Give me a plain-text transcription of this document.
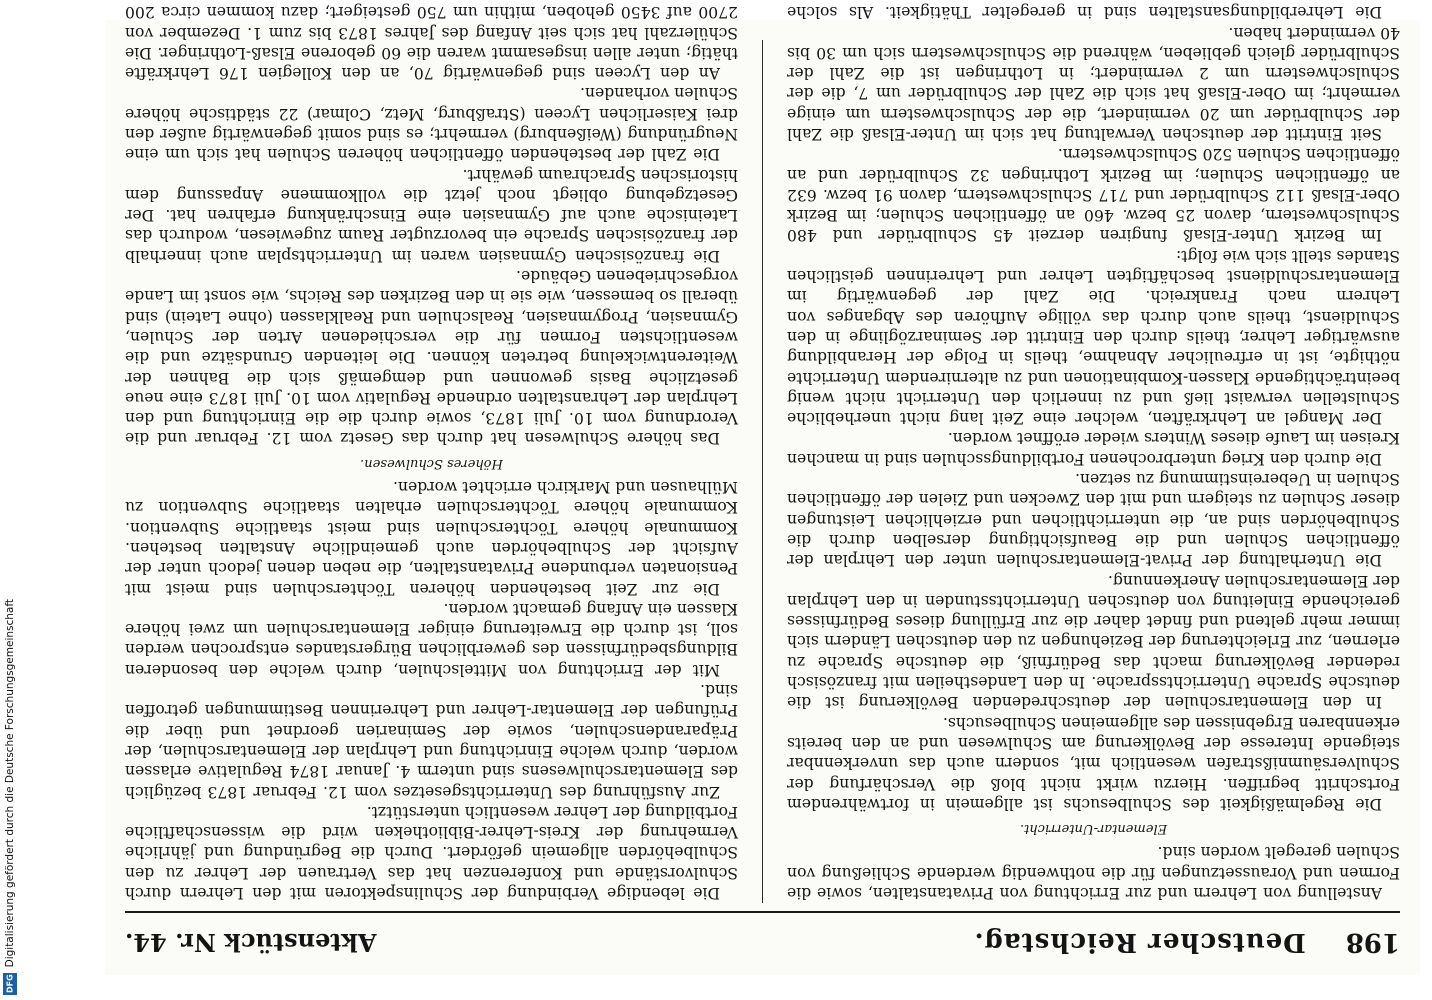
Digitalisierung gefördert durch die Deutsche Forschungsgemeinschaft
DFG
198
Deutscher Reichstag.
Aktenstück Nr. 44.

Anstellung von Lehrern und zur Errichtung von Privatanstalten, sowie die Formen und Voraussetzungen für die nothwendig werdende Schließung von Schulen geregelt worden sind.

Elementar-Unterricht.

Die Regelmäßigkeit des Schulbesuchs ist allgemein in fortwährendem Fortschritt begriffen. Hierzu wirkt nicht bloß die Verschärfung der Schulversäumnißstrafen wesentlich mit, sondern auch das unverkennbar steigende Interesse der Bevölkerung am Schulwesen und an den bereits erkennbaren Ergebnissen des allgemeinen Schulbesuchs.

In den Elementarschulen der deutschredenden Bevölkerung ist die deutsche Sprache Unterrichtssprache. In den Landestheilen mit französisch redender Bevölkerung macht das Bedürfniß, die deutsche Sprache zu erlernen, zur Erleichterung der Beziehungen zu den deutschen Ländern sich immer mehr geltend und findet daher die zur Erfüllung dieses Bedürfnisses gereichende Einleitung von deutschen Unterrichtsstunden in den Lehrplan der Elementarschulen Anerkennung.

Die Unterhaltung der Privat-Elementarschulen unter den Lehrplan der öffentlichen Schulen und die Beaufsichtigung derselben durch die Schulbehörden sind an, die unterrichtlichen und erziehlichen Leistungen dieser Schulen zu steigern und mit den Zwecken und Zielen der öffentlichen Schulen in Uebereinstimmung zu setzen.

Die durch den Krieg unterbrochenen Fortbildungsschulen sind in manchen Kreisen im Laufe dieses Winters wieder eröffnet worden.

Der Mangel an Lehrkräften, welcher eine Zeit lang nicht unerhebliche Schulstellen verwaist ließ und zu innerlich den Unterricht nicht wenig beeinträchtigende Klassen-Kombinationen und zu alternirendem Unterrichte nöthigte, ist in erfreulicher Abnahme, theils in Folge der Heranbildung auswärtiger Lehrer, theils durch den Eintritt der Seminarzöglinge in den Schuldienst, theils auch durch das völlige Aufhören des Abganges von Lehrern nach Frankreich. Die Zahl der gegenwärtig im Elementarschuldienst beschäftigten Lehrer und Lehrerinnen geistlichen Standes stellt sich wie folgt:

Im Bezirk Unter-Elsaß fungiren derzeit 45 Schulbrüder und 480 Schulschwestern, davon 25 bezw. 460 an öffentlichen Schulen; im Bezirk Ober-Elsaß 112 Schulbrüder und 717 Schulschwestern, davon 91 bezw. 632 an öffentlichen Schulen; im Bezirk Lothringen 32 Schulbrüder und an öffentlichen Schulen 520 Schulschwestern.

Seit Eintritt der deutschen Verwaltung hat sich im Unter-Elsaß die Zahl der Schulbrüder um 20 vermindert, die der Schulschwestern um einige vermehrt; im Ober-Elsaß hat sich die Zahl der Schulbrüder um 7, die der Schulschwestern um 2 vermindert; in Lothringen ist die Zahl der Schulbrüder gleich geblieben, während die Schulschwestern sich um 30 bis 40 vermindert haben.

Die Lehrerbildungsanstalten sind in geregelter Thätigkeit. Als solche

Die lebendige Verbindung der Schulinspektoren mit den Lehrern durch Schulvorstände und Konferenzen hat das Vertrauen der Lehrer zu den Schulbehörden allgemein gefördert. Durch die Begründung und jährliche Vermehrung der Kreis-Lehrer-Bibliotheken wird die wissenschaftliche Fortbildung der Lehrer wesentlich unterstützt.

Zur Ausführung des Unterrichtsgesetzes vom 12. Februar 1873 bezüglich des Elementarschulwesens sind unterm 4. Januar 1874 Regulative erlassen worden, durch welche Einrichtung und Lehrplan der Elementarschulen, der Präparandenschulen, sowie der Seminarien geordnet und über die Prüfungen der Elementar-Lehrer und Lehrerinnen Bestimmungen getroffen sind.

Mit der Errichtung von Mittelschulen, durch welche den besonderen Bildungsbedürfnissen des gewerblichen Bürgerstandes entsprochen werden soll, ist durch die Erweiterung einiger Elementarschulen um zwei höhere Klassen ein Anfang gemacht worden.

Die zur Zeit bestehenden höheren Töchterschulen sind meist mit Pensionaten verbundene Privatanstalten, die neben denen jedoch unter der Aufsicht der Schulbehörden auch gemeindliche Anstalten bestehen. Kommunale höhere Töchterschulen sind meist staatliche Subvention. Kommunale höhere Töchterschulen erhalten staatliche Subvention zu Mülhausen und Markirch errichtet worden.

Höheres Schulwesen.

Das höhere Schulwesen hat durch das Gesetz vom 12. Februar und die Verordnung vom 10. Juli 1873, sowie durch die die Einrichtung und den Lehrplan der Lehranstalten ordnende Regulativ vom 10. Juli 1873 eine neue gesetzliche Basis gewonnen und demgemäß sich die Bahnen der Weiterentwickelung betreten können. Die leitenden Grundsätze und die wesentlichsten Formen für die verschiedenen Arten der Schulen, Gymnasien, Progymnasien, Realschulen und Realklassen (ohne Latein) sind überall so bemessen, wie sie in den Bezirken des Reichs, wie sonst im Lande vorgeschriebenen Gebäude.

Die französischen Gymnasien waren im Unterrichtsplan auch innerhalb der französischen Sprache ein bevorzugter Raum zugewiesen, wodurch das Lateinische auch auf Gymnasien eine Einschränkung erfahren hat. Der Gesetzgebung obliegt noch jetzt die vollkommene Anpassung dem historischen Sprachraum gewährt.

Die Zahl der bestehenden öffentlichen höheren Schulen hat sich um eine Neugründung (Weißenburg) vermehrt; es sind somit gegenwärtig außer den drei Kaiserlichen Lyceen (Straßburg, Metz, Colmar) 22 städtische höhere Schulen vorhanden.

An den Lyceen sind gegenwärtig 70, an den Kollegien 176 Lehrkräfte thätig; unter allen insgesammt waren die 60 geborene Elsaß-Lothringer. Die Schülerzahl hat sich seit Anfang des Jahres 1873 bis zum 1. Dezember von 2700 auf 3450 gehoben, mithin um 750 gesteigert; dazu kommen circa 200
